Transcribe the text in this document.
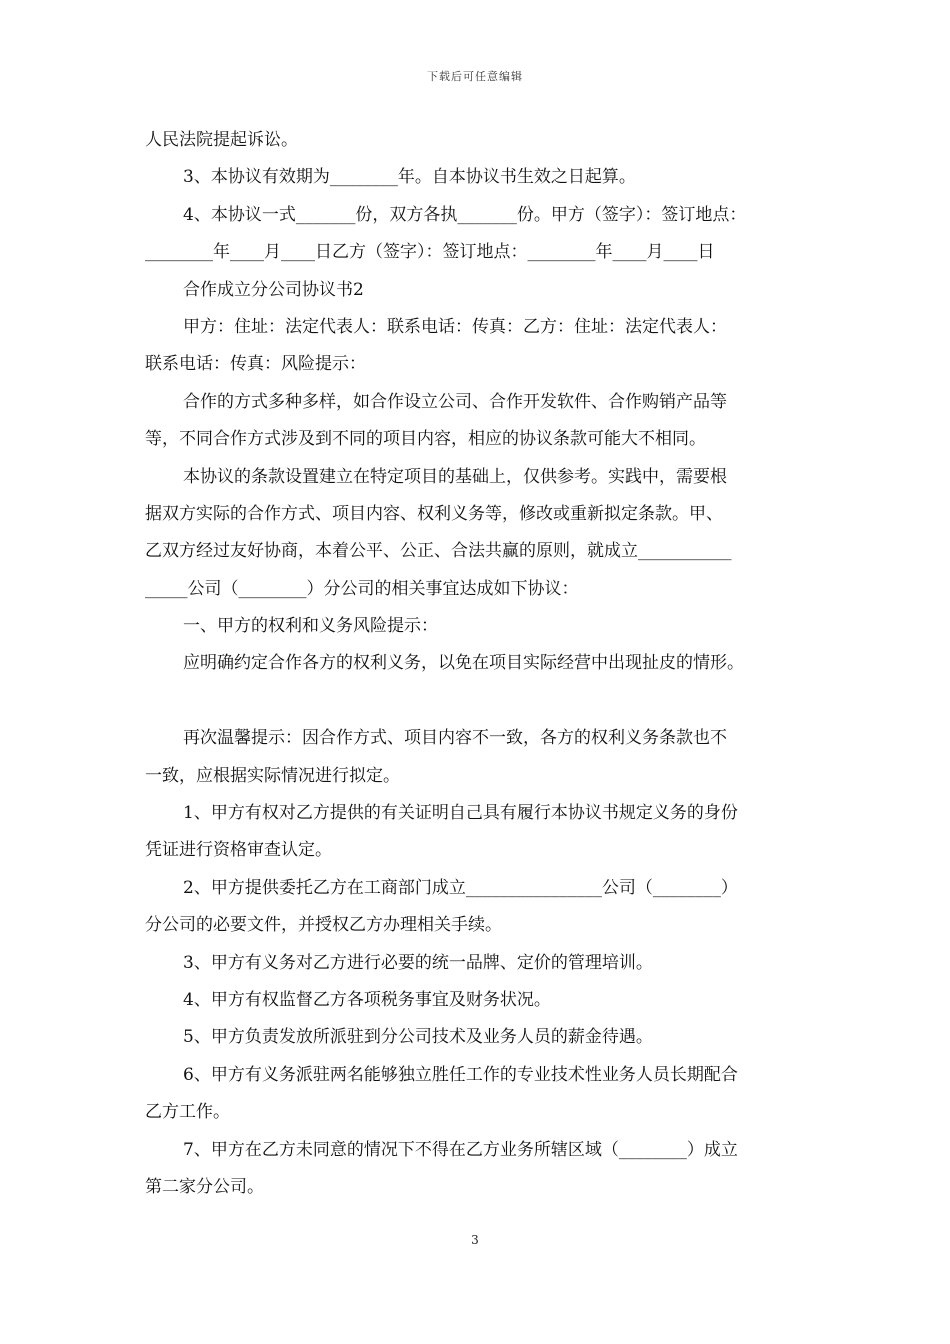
下载后可任意编辑
人民法院提起诉讼。
3、本协议有效期为________年。自本协议书生效之日起算。
4、本协议一式_______份，双方各执_______份。甲方（签字）：签订地点：
________年____月____日乙方（签字）：签订地点：________年____月____日
合作成立分公司协议书2
甲方：住址：法定代表人：联系电话：传真：乙方：住址：法定代表人：
联系电话：传真：风险提示：
合作的方式多种多样，如合作设立公司、合作开发软件、合作购销产品等
等，不同合作方式涉及到不同的项目内容，相应的协议条款可能大不相同。
本协议的条款设置建立在特定项目的基础上，仅供参考。实践中，需要根
据双方实际的合作方式、项目内容、权利义务等，修改或重新拟定条款。甲、
乙双方经过友好协商，本着公平、公正、合法共赢的原则，就成立___________
_____公司（________）分公司的相关事宜达成如下协议：
一、甲方的权利和义务风险提示：
应明确约定合作各方的权利义务，以免在项目实际经营中出现扯皮的情形。
再次温馨提示：因合作方式、项目内容不一致，各方的权利义务条款也不
一致，应根据实际情况进行拟定。
1、甲方有权对乙方提供的有关证明自己具有履行本协议书规定义务的身份
凭证进行资格审查认定。
2、甲方提供委托乙方在工商部门成立________________公司（________）
分公司的必要文件，并授权乙方办理相关手续。
3、甲方有义务对乙方进行必要的统一品牌、定价的管理培训。
4、甲方有权监督乙方各项税务事宜及财务状况。
5、甲方负责发放所派驻到分公司技术及业务人员的薪金待遇。
6、甲方有义务派驻两名能够独立胜任工作的专业技术性业务人员长期配合
乙方工作。
7、甲方在乙方未同意的情况下不得在乙方业务所辖区域（________）成立
第二家分公司。
3
